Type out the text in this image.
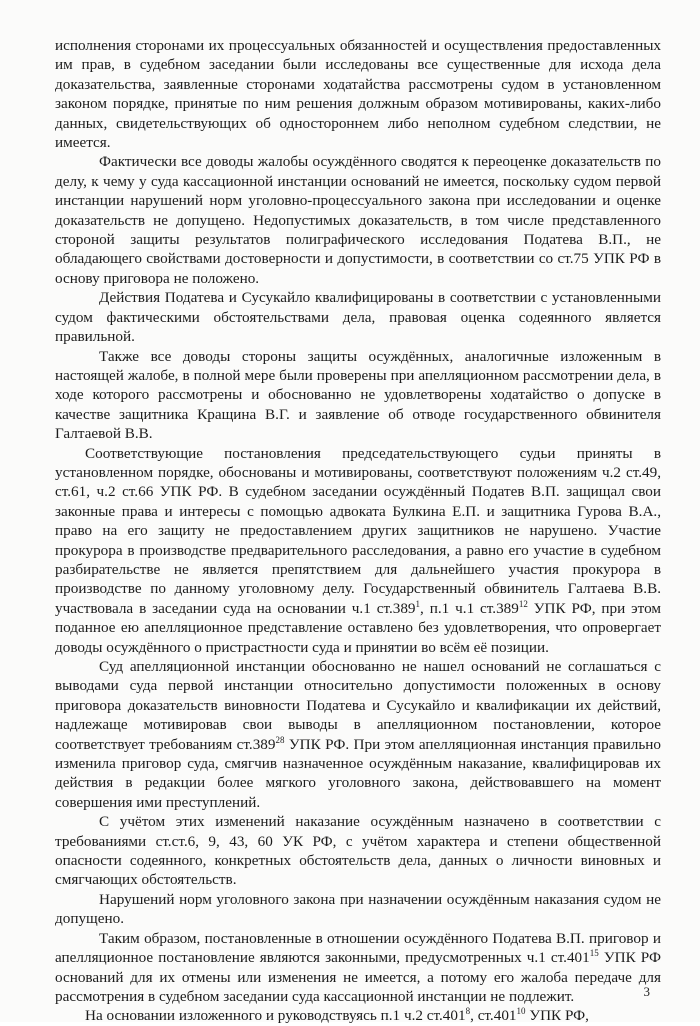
исполнения сторонами их процессуальных обязанностей и осуществления предоставленных им прав, в судебном заседании были исследованы все существенные для исхода дела доказательства, заявленные сторонами ходатайства рассмотрены судом в установленном законом порядке, принятые по ним решения должным образом мотивированы, каких-либо данных, свидетельствующих об одностороннем либо неполном судебном следствии, не имеется.

Фактически все доводы жалобы осуждённого сводятся к переоценке доказательств по делу, к чему у суда кассационной инстанции оснований не имеется, поскольку судом первой инстанции нарушений норм уголовно-процессуального закона при исследовании и оценке доказательств не допущено. Недопустимых доказательств, в том числе представленного стороной защиты результатов полиграфического исследования Податева В.П., не обладающего свойствами достоверности и допустимости, в соответствии со ст.75 УПК РФ в основу приговора не положено.

Действия Податева и Сусукайло квалифицированы в соответствии с установленными судом фактическими обстоятельствами дела, правовая оценка содеянного является правильной.

Также все доводы стороны защиты осуждённых, аналогичные изложенным в настоящей жалобе, в полной мере были проверены при апелляционном рассмотрении дела, в ходе которого рассмотрены и обоснованно не удовлетворены ходатайство о допуске в качестве защитника Кращина В.Г. и заявление об отводе государственного обвинителя Галтаевой В.В.

Соответствующие постановления председательствующего судьи приняты в установленном порядке, обоснованы и мотивированы, соответствуют положениям ч.2 ст.49, ст.61, ч.2 ст.66 УПК РФ. В судебном заседании осуждённый Податев В.П. защищал свои законные права и интересы с помощью адвоката Булкина Е.П. и защитника Гурова В.А., право на его защиту не предоставлением других защитников не нарушено. Участие прокурора в производстве предварительного расследования, а равно его участие в судебном разбирательстве не является препятствием для дальнейшего участия прокурора в производстве по данному уголовному делу. Государственный обвинитель Галтаева В.В. участвовала в заседании суда на основании ч.1 ст.389$^1$, п.1 ч.1 ст.389$^{12}$ УПК РФ, при этом поданное ею апелляционное представление оставлено без удовлетворения, что опровергает доводы осуждённого о пристрастности суда и принятии во всём её позиции.

Суд апелляционной инстанции обоснованно не нашел оснований не соглашаться с выводами суда первой инстанции относительно допустимости положенных в основу приговора доказательств виновности Податева и Сусукайло и квалификации их действий, надлежаще мотивировав свои выводы в апелляционном постановлении, которое соответствует требованиям ст.389$^{28}$ УПК РФ. При этом апелляционная инстанция правильно изменила приговор суда, смягчив назначенное осуждённым наказание, квалифицировав их действия в редакции более мягкого уголовного закона, действовавшего на момент совершения ими преступлений.

С учётом этих изменений наказание осуждённым назначено в соответствии с требованиями ст.ст.6, 9, 43, 60 УК РФ, с учётом характера и степени общественной опасности содеянного, конкретных обстоятельств дела, данных о личности виновных и смягчающих обстоятельств.

Нарушений норм уголовного закона при назначении осуждённым наказания судом не допущено.

Таким образом, постановленные в отношении осуждённого Податева В.П. приговор и апелляционное постановление являются законными, предусмотренных ч.1 ст.401$^{15}$ УПК РФ оснований для их отмены или изменения не имеется, а потому его жалоба передаче для рассмотрения в судебном заседании суда кассационной инстанции не подлежит.

На основании изложенного и руководствуясь п.1 ч.2 ст.401$^8$, ст.401$^{10}$ УПК РФ,

3
